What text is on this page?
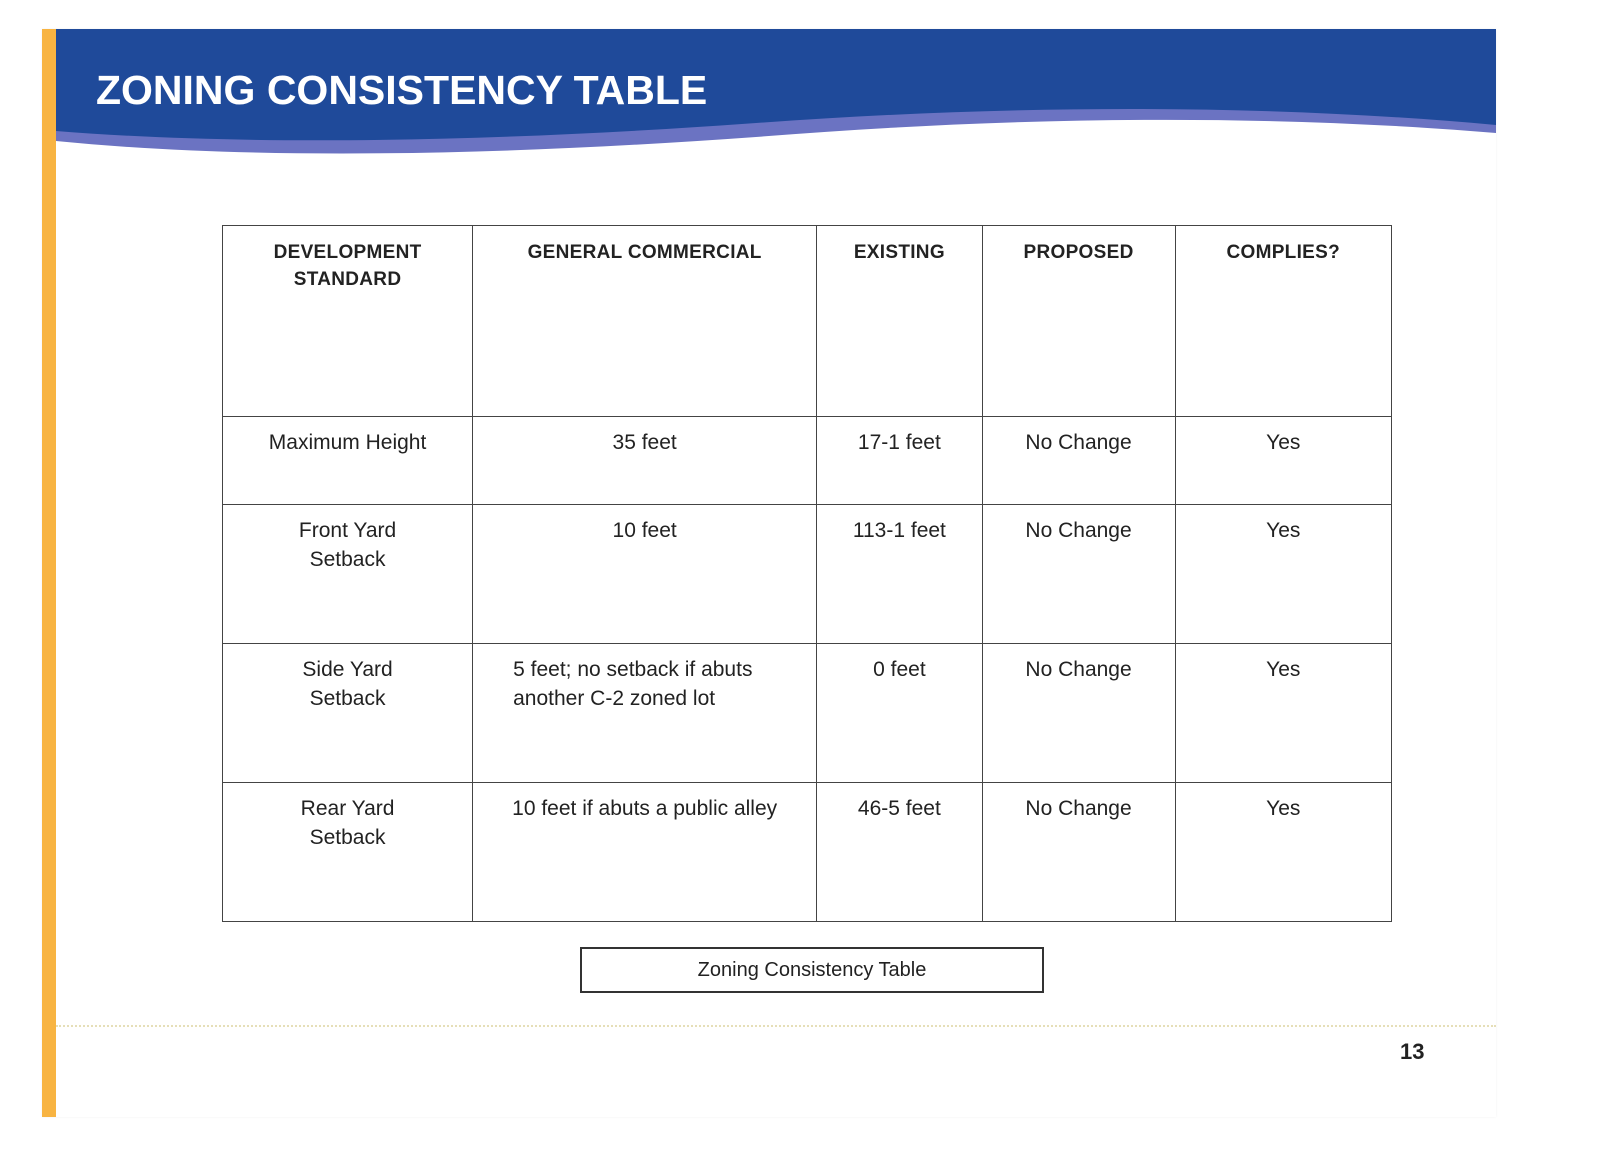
ZONING CONSISTENCY TABLE
DEVELOPMENT STANDARD	GENERAL COMMERCIAL	EXISTING	PROPOSED	COMPLIES?
Maximum Height	35 feet	17-1 feet	No Change	Yes

Front Yard Setback	10 feet	113-1 feet	No Change	Yes

Side Yard Setback	5 feet; no setback if abuts another C-2 zoned lot	0 feet	No Change	Yes

Rear Yard Setback	10 feet if abuts a public alley	46-5 feet	No Change	Yes
Zoning Consistency Table
13
